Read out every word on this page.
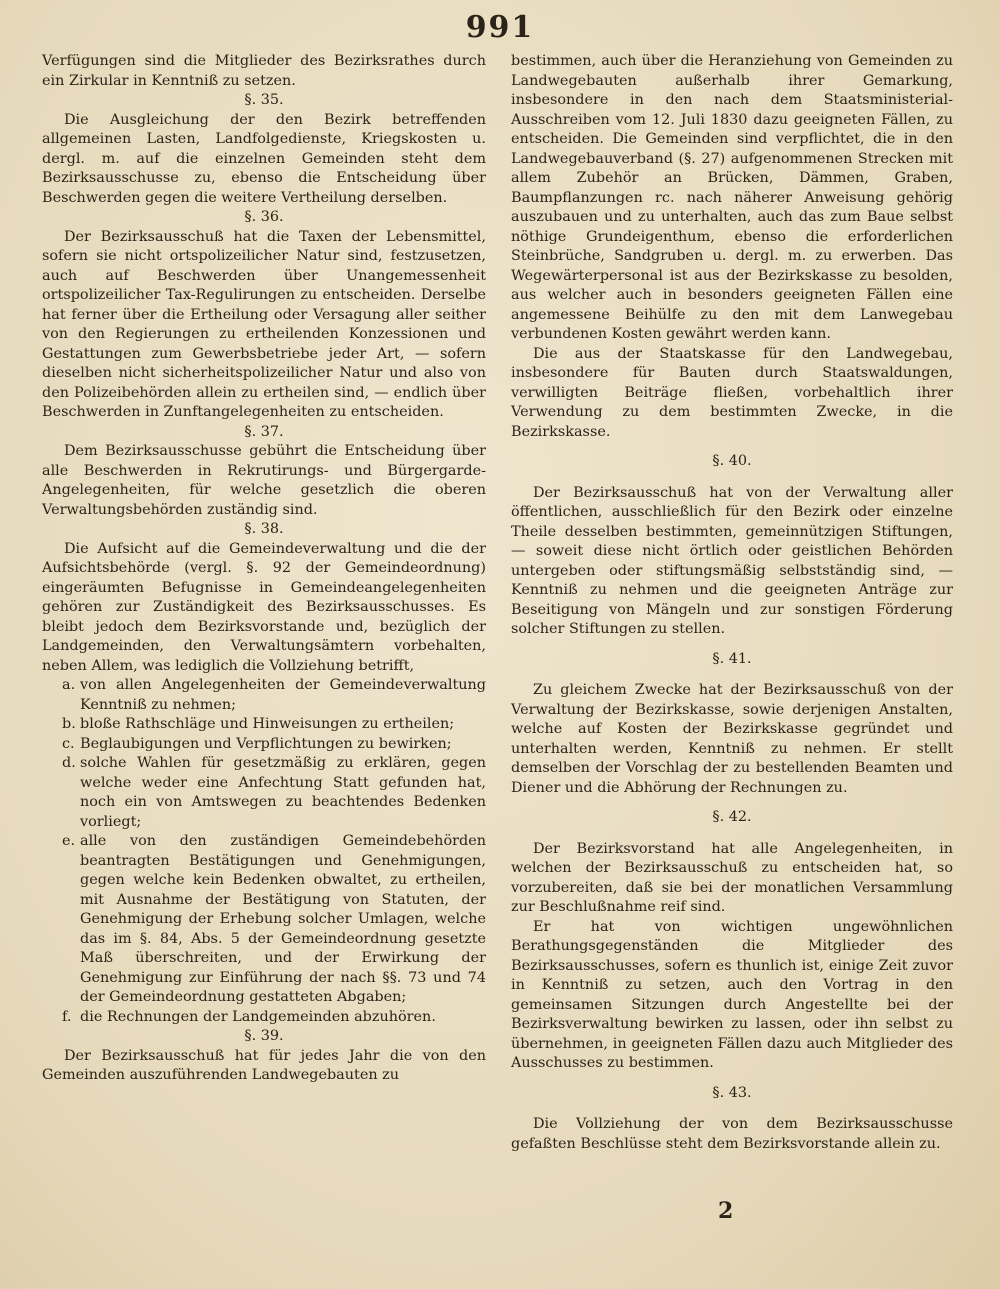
991

Verfügungen sind die Mitglieder des Bezirksrathes durch ein Zirkular in Kenntniß zu setzen.

§. 35.

Die Ausgleichung der den Bezirk betreffenden allgemeinen Lasten, Landfolgedienste, Kriegskosten u. dergl. m. auf die einzelnen Gemeinden steht dem Bezirksausschusse zu, ebenso die Entscheidung über Beschwerden gegen die weitere Vertheilung derselben.

§. 36.

Der Bezirksausschuß hat die Taxen der Lebensmittel, sofern sie nicht ortspolizeilicher Natur sind, festzusetzen, auch auf Beschwerden über Unangemessenheit ortspolizeilicher Tax-Regulirungen zu entscheiden. Derselbe hat ferner über die Ertheilung oder Versagung aller seither von den Regierungen zu ertheilenden Konzessionen und Gestattungen zum Gewerbsbetriebe jeder Art, — sofern dieselben nicht sicherheitspolizeilicher Natur und also von den Polizeibehörden allein zu ertheilen sind, — endlich über Beschwerden in Zunftangelegenheiten zu entscheiden.

§. 37.

Dem Bezirksausschusse gebührt die Entscheidung über alle Beschwerden in Rekrutirungs- und Bürgergarde-Angelegenheiten, für welche gesetzlich die oberen Verwaltungsbehörden zuständig sind.

§. 38.

Die Aufsicht auf die Gemeindeverwaltung und die der Aufsichtsbehörde (vergl. §. 92 der Gemeindeordnung) eingeräumten Befugnisse in Gemeindeangelegenheiten gehören zur Zuständigkeit des Bezirksausschusses. Es bleibt jedoch dem Bezirksvorstande und, bezüglich der Landgemeinden, den Verwaltungsämtern vorbehalten, neben Allem, was lediglich die Vollziehung betrifft,

a. von allen Angelegenheiten der Gemeindeverwaltung Kenntniß zu nehmen;
b. bloße Rathschläge und Hinweisungen zu ertheilen;
c. Beglaubigungen und Verpflichtungen zu bewirken;
d. solche Wahlen für gesetzmäßig zu erklären, gegen welche weder eine Anfechtung Statt gefunden hat, noch ein von Amtswegen zu beachtendes Bedenken vorliegt;
e. alle von den zuständigen Gemeindebehörden beantragten Bestätigungen und Genehmigungen, gegen welche kein Bedenken obwaltet, zu ertheilen, mit Ausnahme der Bestätigung von Statuten, der Genehmigung der Erhebung solcher Umlagen, welche das im §. 84, Abs. 5 der Gemeindeordnung gesetzte Maß überschreiten, und der Erwirkung der Genehmigung zur Einführung der nach §§. 73 und 74 der Gemeindeordnung gestatteten Abgaben;
f. die Rechnungen der Landgemeinden abzuhören.
§. 39.

Der Bezirksausschuß hat für jedes Jahr die von den Gemeinden auszuführenden Landwegebauten zu

bestimmen, auch über die Heranziehung von Gemeinden zu Landwegebauten außerhalb ihrer Gemarkung, insbesondere in den nach dem Staatsministerial-Ausschreiben vom 12. Juli 1830 dazu geeigneten Fällen, zu entscheiden. Die Gemeinden sind verpflichtet, die in den Landwegebauverband (§. 27) aufgenommenen Strecken mit allem Zubehör an Brücken, Dämmen, Graben, Baumpflanzungen rc. nach näherer Anweisung gehörig auszubauen und zu unterhalten, auch das zum Baue selbst nöthige Grundeigenthum, ebenso die erforderlichen Steinbrüche, Sandgruben u. dergl. m. zu erwerben. Das Wegewärterpersonal ist aus der Bezirkskasse zu besolden, aus welcher auch in besonders geeigneten Fällen eine angemessene Beihülfe zu den mit dem Lanwegebau verbundenen Kosten gewährt werden kann.

Die aus der Staatskasse für den Landwegebau, insbesondere für Bauten durch Staatswaldungen, verwilligten Beiträge fließen, vorbehaltlich ihrer Verwendung zu dem bestimmten Zwecke, in die Bezirkskasse.

§. 40.

Der Bezirksausschuß hat von der Verwaltung aller öffentlichen, ausschließlich für den Bezirk oder einzelne Theile desselben bestimmten, gemeinnützigen Stiftungen, — soweit diese nicht örtlich oder geistlichen Behörden untergeben oder stiftungsmäßig selbstständig sind, — Kenntniß zu nehmen und die geeigneten Anträge zur Beseitigung von Mängeln und zur sonstigen Förderung solcher Stiftungen zu stellen.

§. 41.

Zu gleichem Zwecke hat der Bezirksausschuß von der Verwaltung der Bezirkskasse, sowie derjenigen Anstalten, welche auf Kosten der Bezirkskasse gegründet und unterhalten werden, Kenntniß zu nehmen. Er stellt demselben der Vorschlag der zu bestellenden Beamten und Diener und die Abhörung der Rechnungen zu.

§. 42.

Der Bezirksvorstand hat alle Angelegenheiten, in welchen der Bezirksausschuß zu entscheiden hat, so vorzubereiten, daß sie bei der monatlichen Versammlung zur Beschlußnahme reif sind.

Er hat von wichtigen ungewöhnlichen Berathungsgegenständen die Mitglieder des Bezirksausschusses, sofern es thunlich ist, einige Zeit zuvor in Kenntniß zu setzen, auch den Vortrag in den gemeinsamen Sitzungen durch Angestellte bei der Bezirksverwaltung bewirken zu lassen, oder ihn selbst zu übernehmen, in geeigneten Fällen dazu auch Mitglieder des Ausschusses zu bestimmen.

§. 43.

Die Vollziehung der von dem Bezirksausschusse gefaßten Beschlüsse steht dem Bezirksvorstande allein zu.

2
